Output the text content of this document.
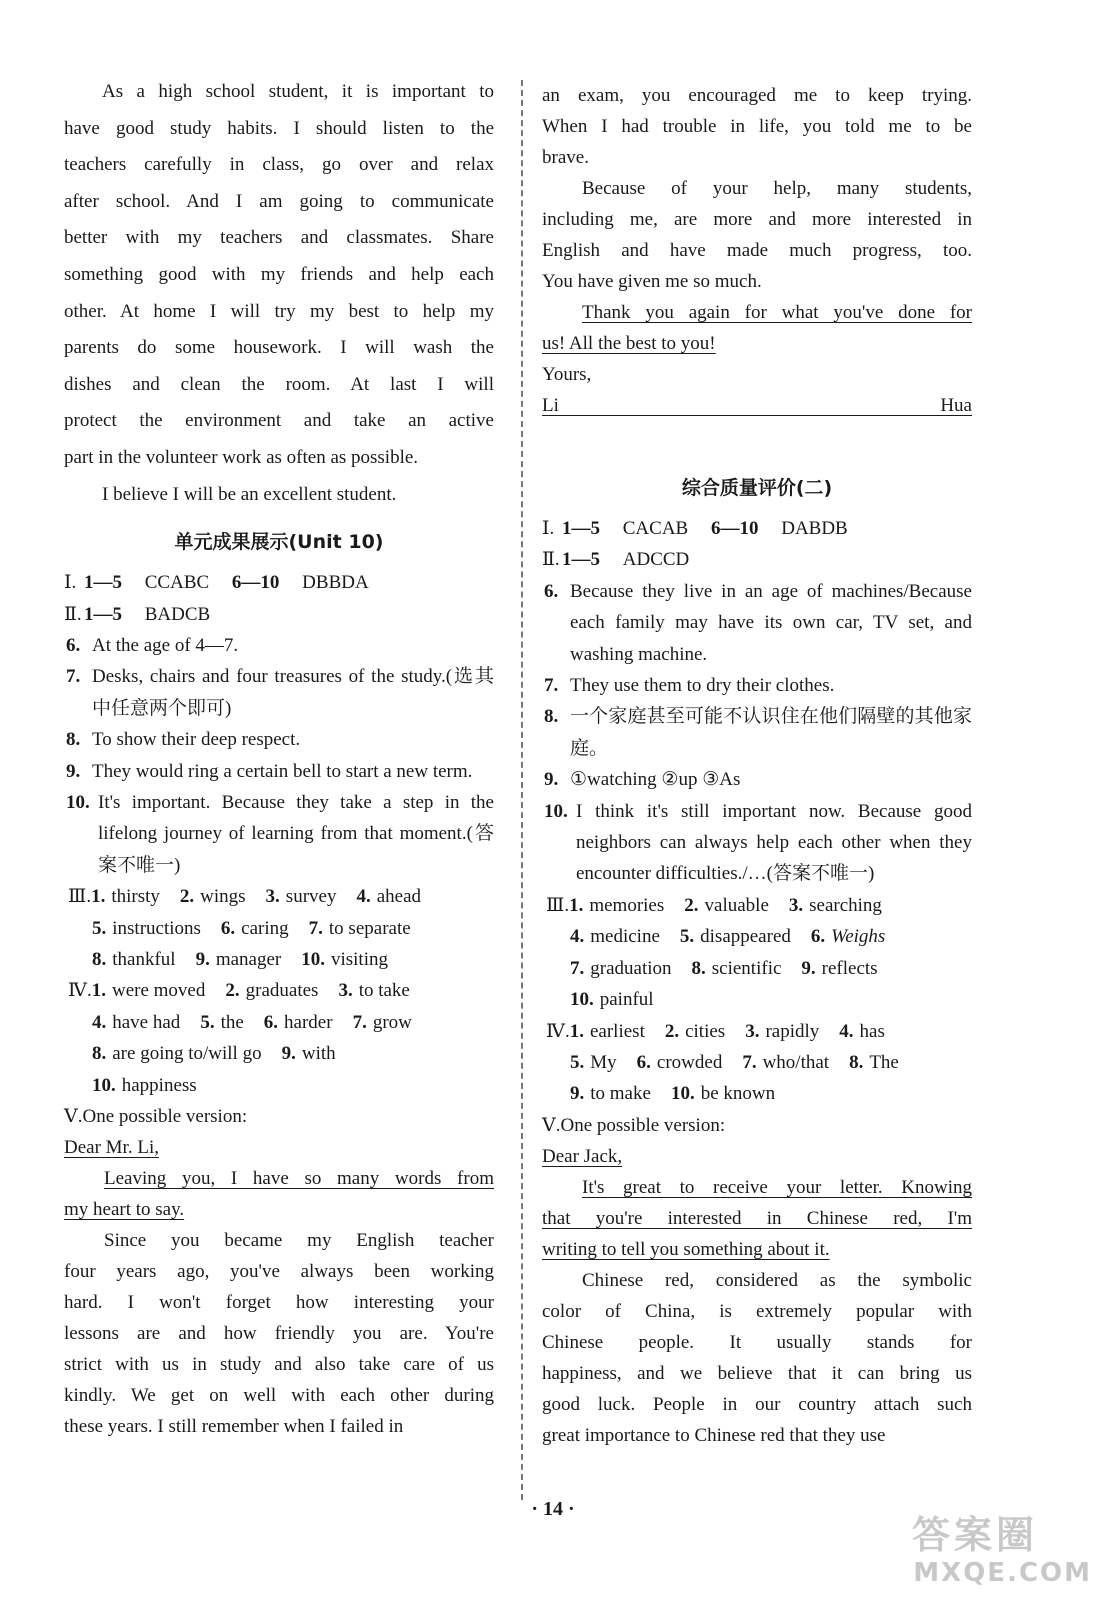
As a high school student, it is important to

have good study habits. I should listen to the

teachers carefully in class, go over and relax

after school. And I am going to communicate

better with my teachers and classmates. Share

something good with my friends and help each

other. At home I will try my best to help my

parents do some housework. I will wash the

dishes and clean the room. At last I will

protect the environment and take an active

part in the volunteer work as often as possible.

I believe I will be an excellent student.

单元成果展示(Unit 10)
Ⅰ. 1—5 CCABC 6—10 DBBDA
Ⅱ. 1—5 BADCB
6. At the age of 4—7.
7. Desks, chairs and four treasures of the study.(选其中任意两个即可)
8. To show their deep respect.
9. They would ring a certain bell to start a new term.
10. It's important. Because they take a step in the lifelong journey of learning from that moment.(答案不唯一)
Ⅲ. 1. thirsty 2. wings 3. survey 4. ahead
5. instructions 6. caring 7. to separate
8. thankful 9. manager 10. visiting
Ⅳ. 1. were moved 2. graduates 3. to take
4. have had 5. the 6. harder 7. grow
8. are going to/will go 9. with
10. happiness
Ⅴ.One possible version:

Dear Mr. Li,

Leaving you, I have so many words from

my heart to say.

Since you became my English teacher

four years ago, you've always been working

hard. I won't forget how interesting your

lessons are and how friendly you are. You're

strict with us in study and also take care of us

kindly. We get on well with each other during

these years. I still remember when I failed in

an exam, you encouraged me to keep trying.

When I had trouble in life, you told me to be

brave.

Because of your help, many students,

including me, are more and more interested in

English and have made much progress, too.

You have given me so much.

Thank you again for what you've done for

us! All the best to you!

Yours,

Li Hua

综合质量评价(二)
Ⅰ. 1—5 CACAB 6—10 DABDB
Ⅱ. 1—5 ADCCD
6. Because they live in an age of machines/Because each family may have its own car, TV set, and washing machine.
7. They use them to dry their clothes.
8. 一个家庭甚至可能不认识住在他们隔壁的其他家庭。
9. ①watching ②up ③As
10. I think it's still important now. Because good neighbors can always help each other when they encounter difficulties./…(答案不唯一)
Ⅲ. 1. memories 2. valuable 3. searching
4. medicine 5. disappeared 6. Weighs
7. graduation 8. scientific 9. reflects
10. painful
Ⅳ. 1. earliest 2. cities 3. rapidly 4. has
5. My 6. crowded 7. who/that 8. The
9. to make 10. be known
Ⅴ.One possible version:

Dear Jack,

It's great to receive your letter. Knowing

that you're interested in Chinese red, I'm

writing to tell you something about it.

Chinese red, considered as the symbolic

color of China, is extremely popular with

Chinese people. It usually stands for

happiness, and we believe that it can bring us

good luck. People in our country attach such

great importance to Chinese red that they use

· 14 ·
答案圈
MXQE.COM
